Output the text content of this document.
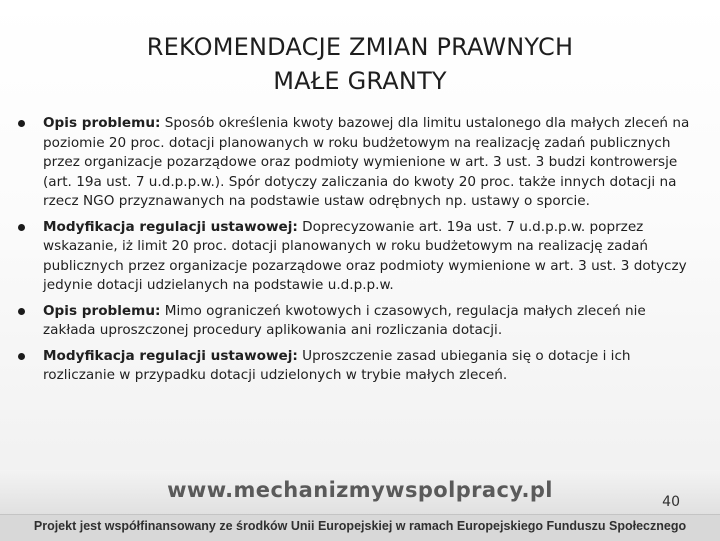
REKOMENDACJE ZMIAN PRAWNYCH
MAŁE GRANTY
Opis problemu: Sposób określenia kwoty bazowej dla limitu ustalonego dla małych zleceń na poziomie 20 proc. dotacji planowanych w roku budżetowym na realizację zadań publicznych przez organizacje pozarządowe oraz podmioty wymienione w art. 3 ust. 3 budzi kontrowersje (art. 19a ust. 7 u.d.p.p.w.). Spór dotyczy zaliczania do kwoty 20 proc. także innych dotacji na rzecz NGO przyznawanych na podstawie ustaw odrębnych np. ustawy o sporcie.
Modyfikacja regulacji ustawowej: Doprecyzowanie art. 19a ust. 7 u.d.p.p.w. poprzez wskazanie, iż limit 20 proc. dotacji planowanych w roku budżetowym na realizację zadań publicznych przez organizacje pozarządowe oraz podmioty wymienione w art. 3 ust. 3 dotyczy jedynie dotacji udzielanych na podstawie u.d.p.p.w.
Opis problemu: Mimo ograniczeń kwotowych i czasowych, regulacja małych zleceń nie zakłada uproszczonej procedury aplikowania ani rozliczania dotacji.
Modyfikacja regulacji ustawowej: Uproszczenie zasad ubiegania się o dotacje i ich rozliczanie w przypadku dotacji udzielonych w trybie małych zleceń.
www.mechanizmywspolpracy.pl	40
Projekt jest współfinansowany ze środków Unii Europejskiej w ramach Europejskiego Funduszu Społecznego
